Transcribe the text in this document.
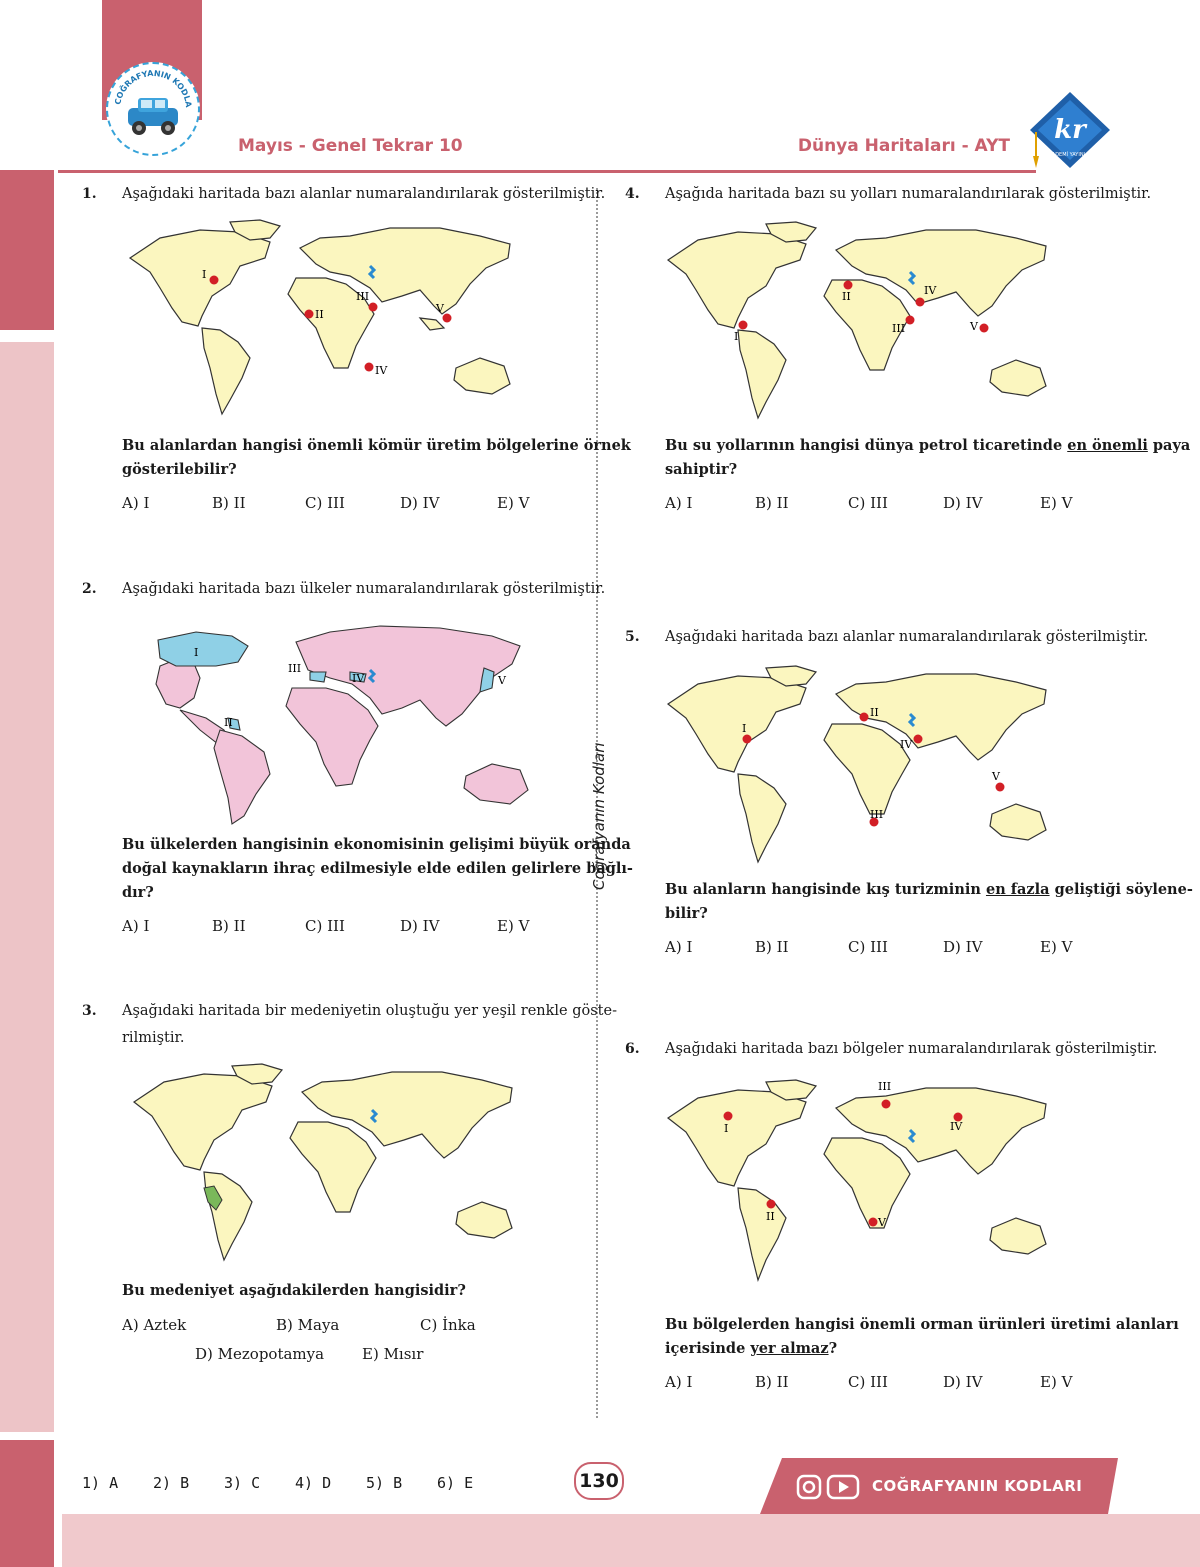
COĞRAFYANIN KODLA
Mayıs - Genel Tekrar 10	Dünya Haritaları - AYT
kr
AKADEMİ YAYINLARI
Coğrafyanın Kodları
1. Aşağıdaki haritada bazı alanlar numaralandırılarak gösterilmiştir.
I
II
III
IV
V
Bu alanlardan hangisi önemli kömür üretim bölgelerine örnek
gösterilebilir?
A) I	B) II	C) III	D) IV	E) V
2. Aşağıdaki haritada bazı ülkeler numaralandırılarak gösterilmiştir.
I
II
III
IV	V
Bu ülkelerden hangisinin ekonomisinin gelişimi büyük oranda
doğal kaynakların ihraç edilmesiyle elde edilen gelirlere bağlı-
dır?
A) I	B) II	C) III	D) IV	E) V
3. Aşağıdaki haritada bir medeniyetin oluştuğu yer yeşil renkle göste-
rilmiştir.
Bu medeniyet aşağıdakilerden hangisidir?
A) Aztek	B) Maya	C) İnka
D) Mezopotamya	E) Mısır
4. Aşağıda haritada bazı su yolları numaralandırılarak gösterilmiştir.
I
II
III
IV
V
Bu su yollarının hangisi dünya petrol ticaretinde en önemli paya
sahiptir?
A) I	B) II	C) III	D) IV	E) V
5. Aşağıdaki haritada bazı alanlar numaralandırılarak gösterilmiştir.
I
II
III
IV
V
Bu alanların hangisinde kış turizminin en fazla geliştiği söylene-
bilir?
A) I	B) II	C) III	D) IV	E) V
6. Aşağıdaki haritada bazı bölgeler numaralandırılarak gösterilmiştir.
I
II
III
IV
V
Bu bölgelerden hangisi önemli orman ürünleri üretimi alanları
içerisinde yer almaz?
A) I	B) II	C) III	D) IV	E) V
1) A 2) B 3) C 4) D 5) B 6) E	130	COĞRAFYANIN KODLARI
